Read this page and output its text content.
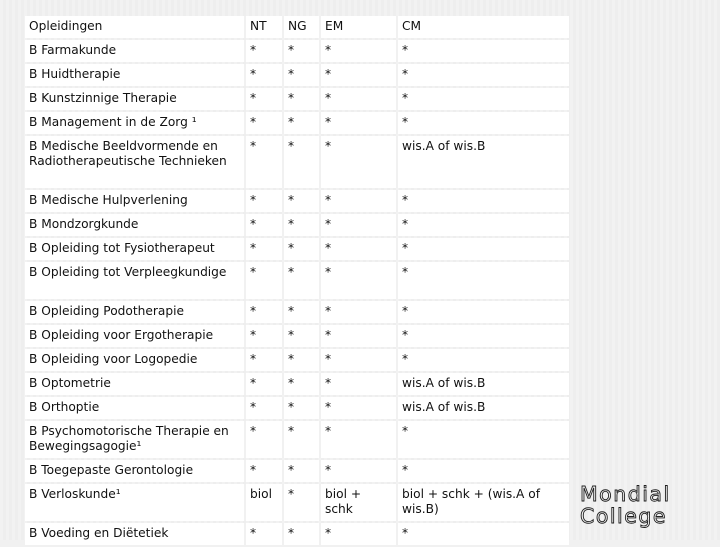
Opleidingen	NT	NG	EM	CM
B Farmakunde	*	*	*	*
B Huidtherapie	*	*	*	*
B Kunstzinnige Therapie	*	*	*	*
B Management in de Zorg ¹	*	*	*	*
B Medische Beeldvormende en Radiotherapeutische Technieken	*	*	*	wis.A of wis.B
B Medische Hulpverlening	*	*	*	*
B Mondzorgkunde	*	*	*	*
B Opleiding tot Fysiotherapeut	*	*	*	*
B Opleiding tot Verpleegkundige	*	*	*	*
B Opleiding Podotherapie	*	*	*	*
B Opleiding voor Ergotherapie	*	*	*	*
B Opleiding voor Logopedie	*	*	*	*
B Optometrie	*	*	*	wis.A of wis.B
B Orthoptie	*	*	*	wis.A of wis.B
B Psychomotorische Therapie en Bewegingsagogie¹	*	*	*	*
B Toegepaste Gerontologie	*	*	*	*
B Verloskunde¹	biol	*	biol + schk	biol + schk + (wis.A of wis.B)
B Voeding en Diëtetiek	*	*	*	*
Mondial
College
